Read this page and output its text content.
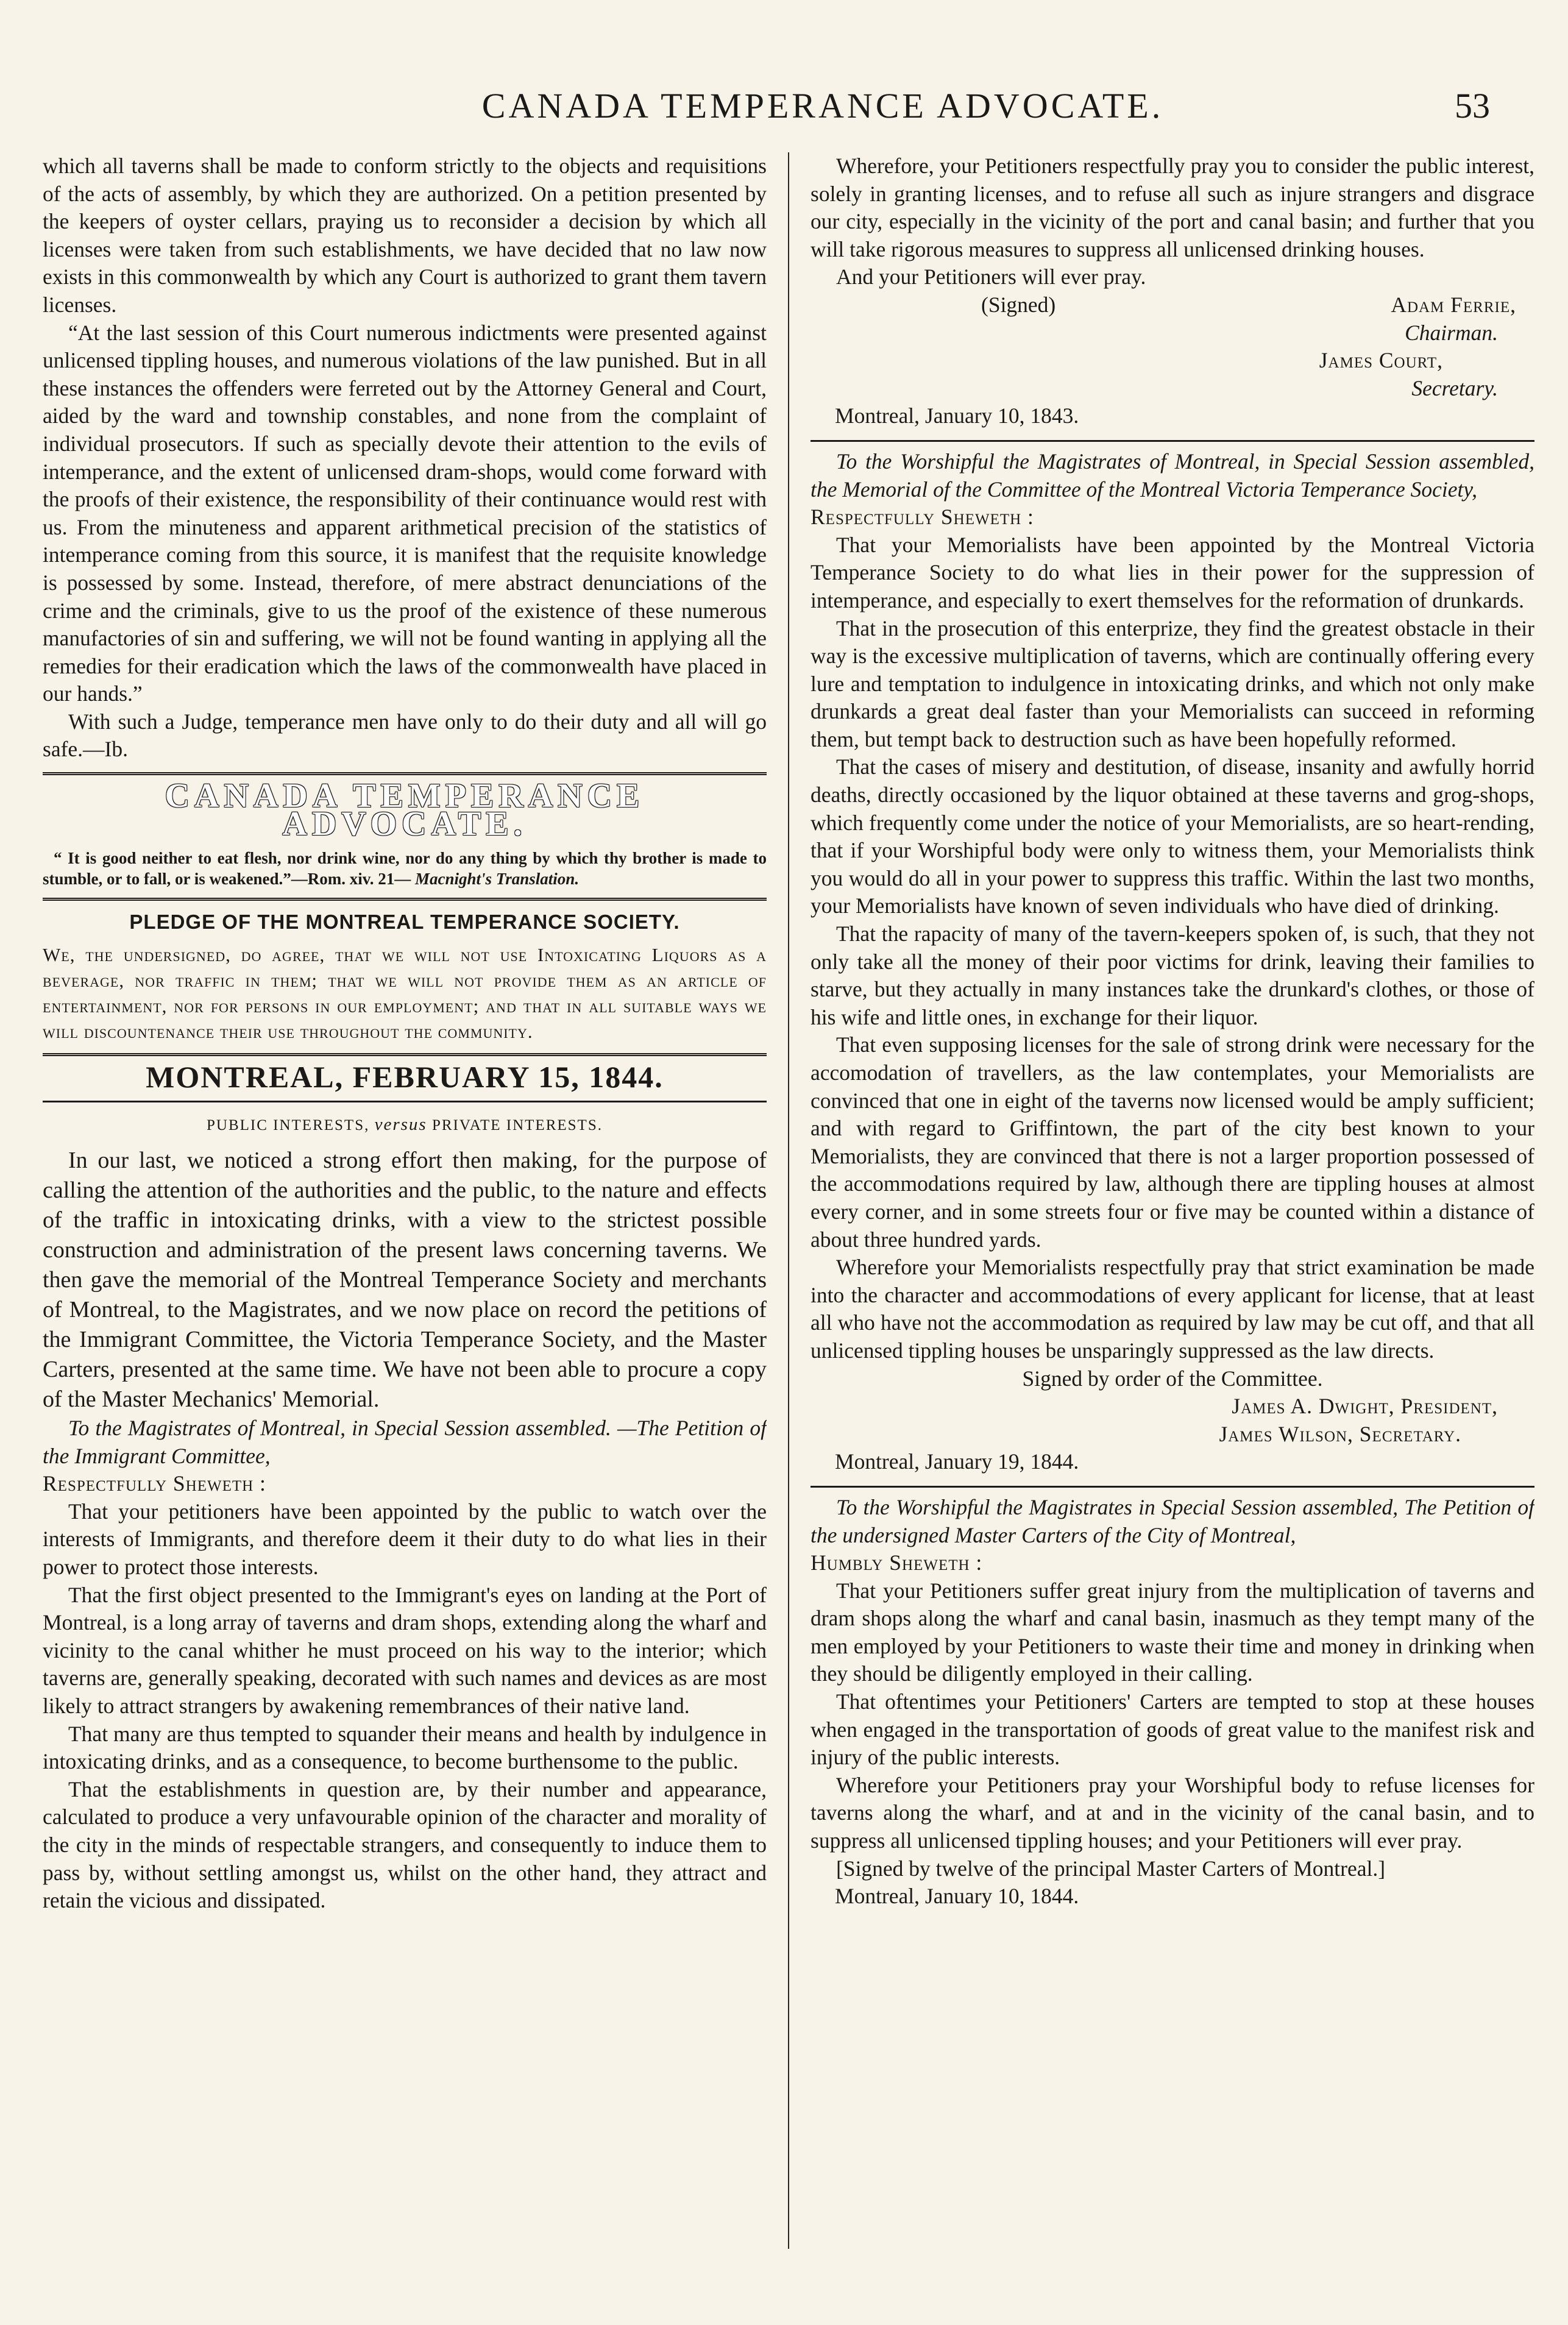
CANADA TEMPERANCE ADVOCATE.	53

which all taverns shall be made to conform strictly to the objects and requisitions of the acts of assembly, by which they are authorized. On a petition presented by the keepers of oyster cellars, praying us to reconsider a decision by which all licenses were taken from such establishments, we have decided that no law now exists in this commonwealth by which any Court is authorized to grant them tavern licenses.

“At the last session of this Court numerous indictments were presented against unlicensed tippling houses, and numerous violations of the law punished. But in all these instances the offenders were ferreted out by the Attorney General and Court, aided by the ward and township constables, and none from the complaint of individual prosecutors. If such as specially devote their attention to the evils of intemperance, and the extent of unlicensed dram-shops, would come forward with the proofs of their existence, the responsibility of their continuance would rest with us. From the minuteness and apparent arithmetical precision of the statistics of intemperance coming from this source, it is manifest that the requisite knowledge is possessed by some. Instead, therefore, of mere abstract denunciations of the crime and the criminals, give to us the proof of the existence of these numerous manufactories of sin and suffering, we will not be found wanting in applying all the remedies for their eradication which the laws of the commonwealth have placed in our hands.”

With such a Judge, temperance men have only to do their duty and all will go safe.—Ib.

CANADA TEMPERANCE ADVOCATE.

“ It is good neither to eat flesh, nor drink wine, nor do any thing by which thy brother is made to stumble, or to fall, or is weakened.”—Rom. xiv. 21— Macnight's Translation.

PLEDGE OF THE MONTREAL TEMPERANCE SOCIETY.

We, the undersigned, do agree, that we will not use Intoxicating Liquors as a beverage, nor traffic in them; that we will not provide them as an article of entertainment, nor for persons in our employment; and that in all suitable ways we will discountenance their use throughout the community.

MONTREAL, FEBRUARY 15, 1844.
PUBLIC INTERESTS, versus PRIVATE INTERESTS.

In our last, we noticed a strong effort then making, for the purpose of calling the attention of the authorities and the public, to the nature and effects of the traffic in intoxicating drinks, with a view to the strictest possible construction and administration of the present laws concerning taverns. We then gave the memorial of the Montreal Temperance Society and merchants of Montreal, to the Magistrates, and we now place on record the petitions of the Immigrant Committee, the Victoria Temperance Society, and the Master Carters, presented at the same time. We have not been able to procure a copy of the Master Mechanics' Memorial.

To the Magistrates of Montreal, in Special Session assembled. —The Petition of the Immigrant Committee,

Respectfully Sheweth :

That your petitioners have been appointed by the public to watch over the interests of Immigrants, and therefore deem it their duty to do what lies in their power to protect those interests.

That the first object presented to the Immigrant's eyes on landing at the Port of Montreal, is a long array of taverns and dram shops, extending along the wharf and vicinity to the canal whither he must proceed on his way to the interior; which taverns are, generally speaking, decorated with such names and devices as are most likely to attract strangers by awakening remembrances of their native land.

That many are thus tempted to squander their means and health by indulgence in intoxicating drinks, and as a consequence, to become burthensome to the public.

That the establishments in question are, by their number and appearance, calculated to produce a very unfavourable opinion of the character and morality of the city in the minds of respectable strangers, and consequently to induce them to pass by, without settling amongst us, whilst on the other hand, they attract and retain the vicious and dissipated.

Wherefore, your Petitioners respectfully pray you to consider the public interest, solely in granting licenses, and to refuse all such as injure strangers and disgrace our city, especially in the vicinity of the port and canal basin; and further that you will take rigorous measures to suppress all unlicensed drinking houses.

And your Petitioners will ever pray.

(Signed)	Adam Ferrie,
Chairman.
James Court,
Secretary.

Montreal, January 10, 1843.

To the Worshipful the Magistrates of Montreal, in Special Session assembled, the Memorial of the Committee of the Montreal Victoria Temperance Society,

Respectfully Sheweth :

That your Memorialists have been appointed by the Montreal Victoria Temperance Society to do what lies in their power for the suppression of intemperance, and especially to exert themselves for the reformation of drunkards.

That in the prosecution of this enterprize, they find the greatest obstacle in their way is the excessive multiplication of taverns, which are continually offering every lure and temptation to indulgence in intoxicating drinks, and which not only make drunkards a great deal faster than your Memorialists can succeed in reforming them, but tempt back to destruction such as have been hopefully reformed.

That the cases of misery and destitution, of disease, insanity and awfully horrid deaths, directly occasioned by the liquor obtained at these taverns and grog-shops, which frequently come under the notice of your Memorialists, are so heart-rending, that if your Worshipful body were only to witness them, your Memorialists think you would do all in your power to suppress this traffic. Within the last two months, your Memorialists have known of seven individuals who have died of drinking.

That the rapacity of many of the tavern-keepers spoken of, is such, that they not only take all the money of their poor victims for drink, leaving their families to starve, but they actually in many instances take the drunkard's clothes, or those of his wife and little ones, in exchange for their liquor.

That even supposing licenses for the sale of strong drink were necessary for the accomodation of travellers, as the law contemplates, your Memorialists are convinced that one in eight of the taverns now licensed would be amply sufficient; and with regard to Griffintown, the part of the city best known to your Memorialists, they are convinced that there is not a larger proportion possessed of the accommodations required by law, although there are tippling houses at almost every corner, and in some streets four or five may be counted within a distance of about three hundred yards.

Wherefore your Memorialists respectfully pray that strict examination be made into the character and accommodations of every applicant for license, that at least all who have not the accommodation as required by law may be cut off, and that all unlicensed tippling houses be unsparingly suppressed as the law directs.

Signed by order of the Committee.
James A. Dwight, President,
James Wilson, Secretary.

Montreal, January 19, 1844.

To the Worshipful the Magistrates in Special Session assembled, The Petition of the undersigned Master Carters of the City of Montreal,

Humbly Sheweth :

That your Petitioners suffer great injury from the multiplication of taverns and dram shops along the wharf and canal basin, inasmuch as they tempt many of the men employed by your Petitioners to waste their time and money in drinking when they should be diligently employed in their calling.

That oftentimes your Petitioners' Carters are tempted to stop at these houses when engaged in the transportation of goods of great value to the manifest risk and injury of the public interests.

Wherefore your Petitioners pray your Worshipful body to refuse licenses for taverns along the wharf, and at and in the vicinity of the canal basin, and to suppress all unlicensed tippling houses; and your Petitioners will ever pray.

[Signed by twelve of the principal Master Carters of Montreal.]

Montreal, January 10, 1844.
